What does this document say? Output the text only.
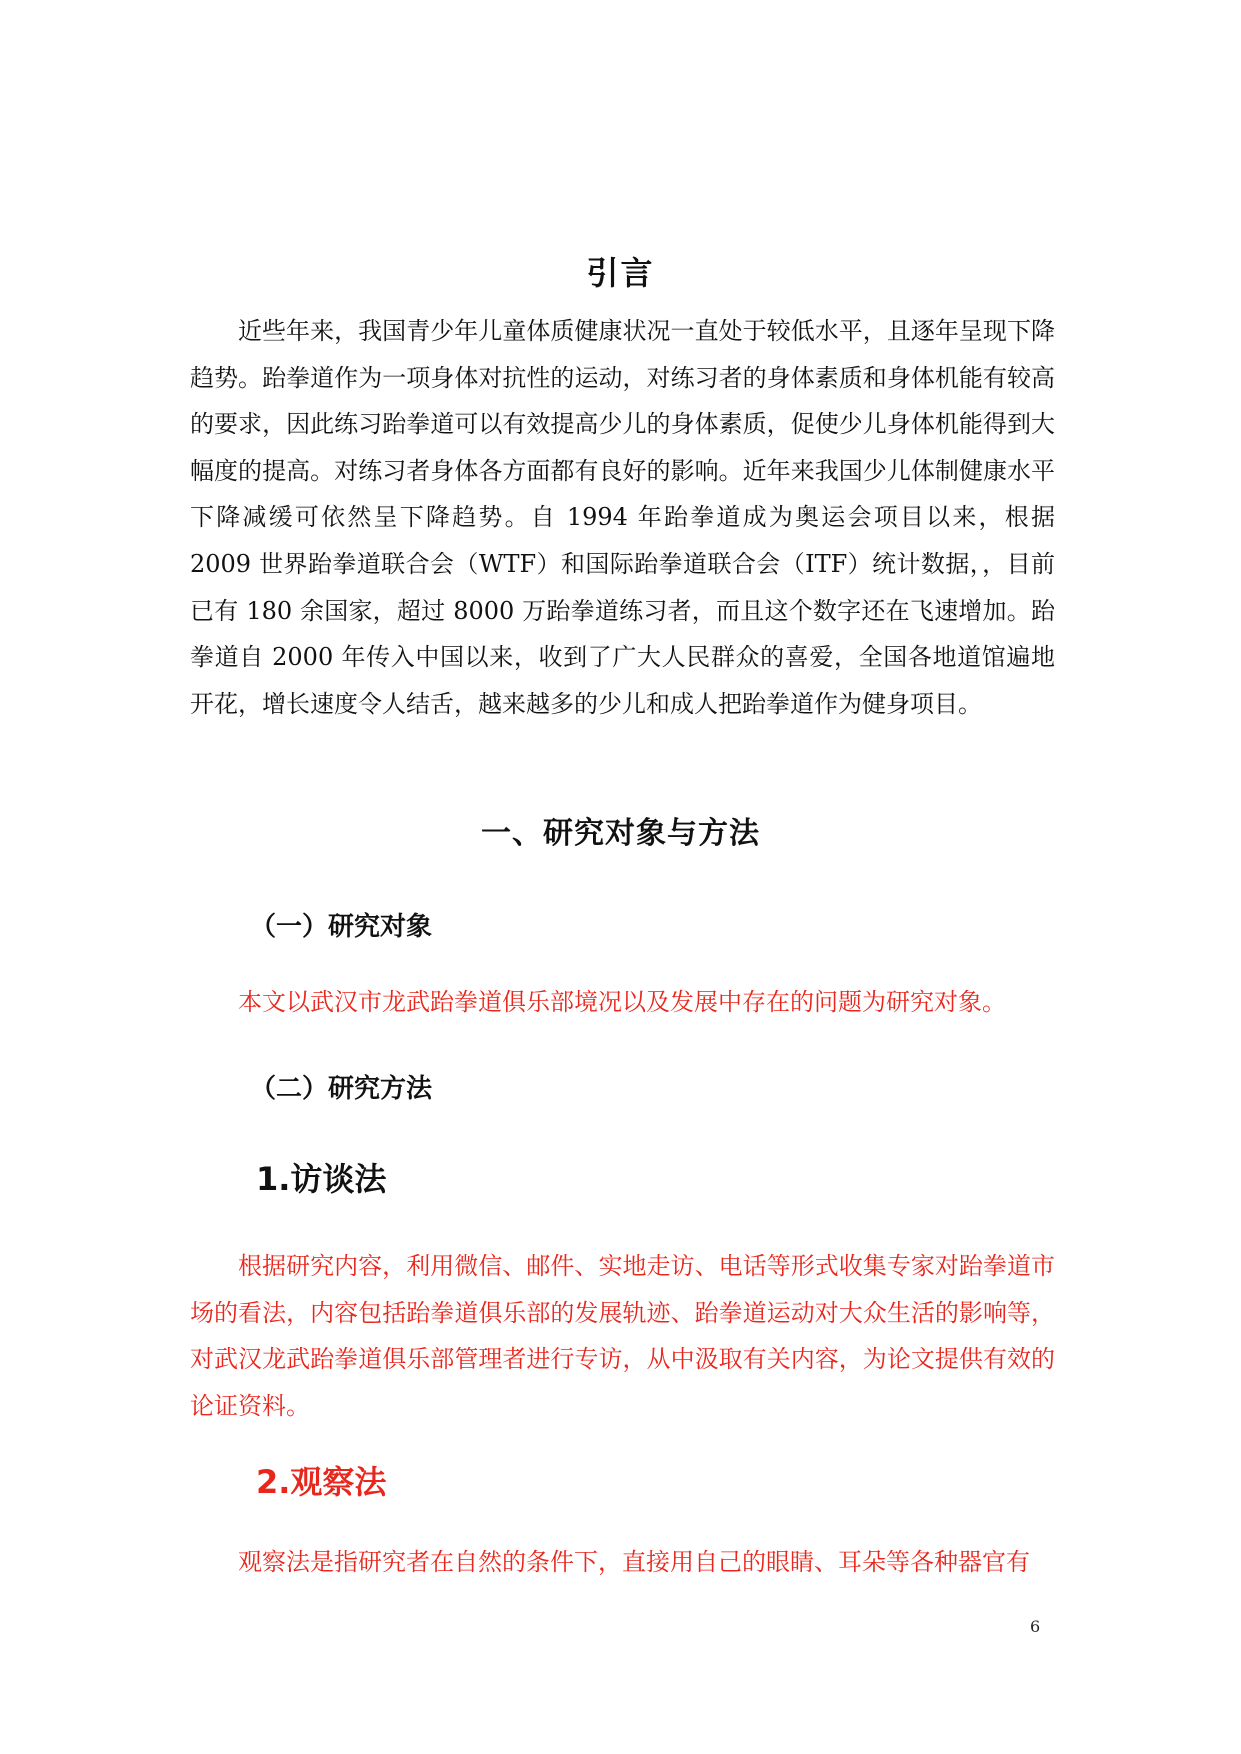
引言

近些年来，我国青少年儿童体质健康状况一直处于较低水平，且逐年呈现下降趋势。跆拳道作为一项身体对抗性的运动，对练习者的身体素质和身体机能有较高的要求，因此练习跆拳道可以有效提高少儿的身体素质，促使少儿身体机能得到大幅度的提高。对练习者身体各方面都有良好的影响。近年来我国少儿体制健康水平下降减缓可依然呈下降趋势。自 1994 年跆拳道成为奥运会项目以来，根据 2009 世界跆拳道联合会（WTF）和国际跆拳道联合会（ITF）统计数据，，目前已有 180 余国家，超过 8000 万跆拳道练习者，而且这个数字还在飞速增加。跆拳道自 2000 年传入中国以来，收到了广大人民群众的喜爱，全国各地道馆遍地开花，增长速度令人结舌，越来越多的少儿和成人把跆拳道作为健身项目。

一、研究对象与方法
（一）研究对象

本文以武汉市龙武跆拳道俱乐部境况以及发展中存在的问题为研究对象。

（二）研究方法
1.访谈法

根据研究内容，利用微信、邮件、实地走访、电话等形式收集专家对跆拳道市场的看法，内容包括跆拳道俱乐部的发展轨迹、跆拳道运动对大众生活的影响等，对武汉龙武跆拳道俱乐部管理者进行专访，从中汲取有关内容，为论文提供有效的论证资料。

2.观察法

观察法是指研究者在自然的条件下，直接用自己的眼睛、耳朵等各种器官有

6
